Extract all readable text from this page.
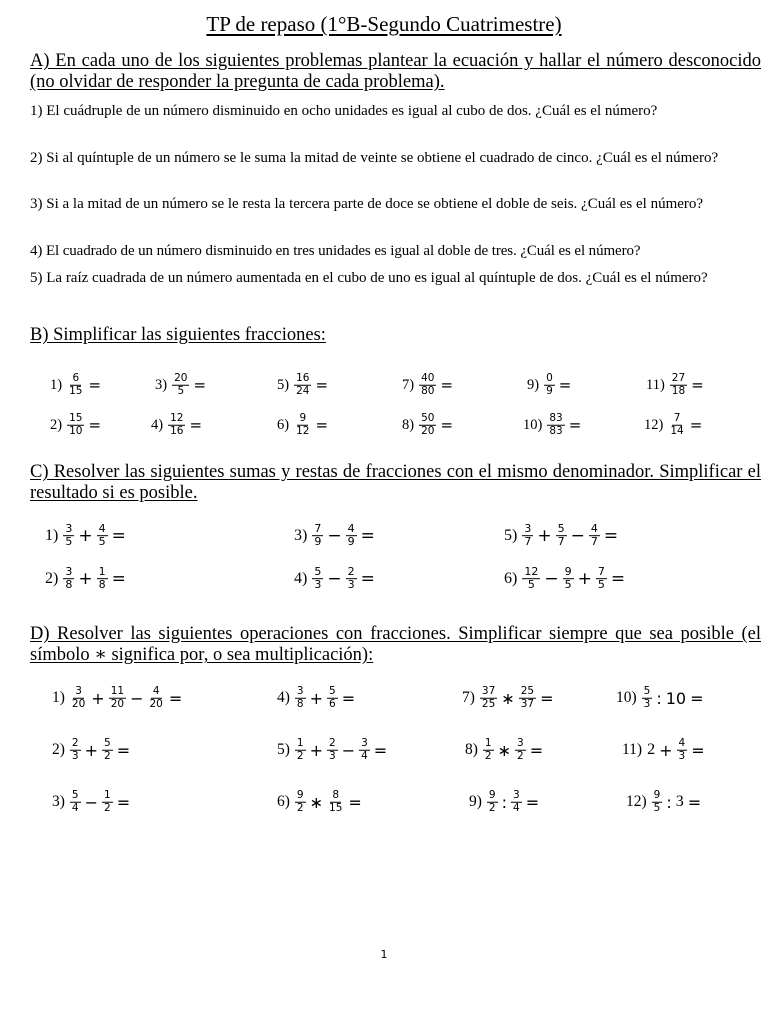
TP de repaso (1°B-Segundo Cuatrimestre)
A) En cada uno de los siguientes problemas plantear la ecuación y hallar el número desconocido (no olvidar de responder la pregunta de cada problema).
1) El cuádruple de un número disminuido en ocho unidades es igual al cubo de dos. ¿Cuál es el número?
2) Si al quíntuple de un número se le suma la mitad de veinte se obtiene el cuadrado de cinco. ¿Cuál es el número?
3) Si a la mitad de un número se le resta la tercera parte de doce se obtiene el doble de seis. ¿Cuál es el número?
4) El cuadrado de un número disminuido en tres unidades es igual al doble de tres. ¿Cuál es el número?
5) La raíz cuadrada de un número aumentada en el cubo de uno es igual al quíntuple de dos. ¿Cuál es el número?
B) Simplificar las siguientes fracciones:
$1) \frac{6}{15}$ =
$2) \frac{15}{10}$ =
$3) \frac{20}{5}$ =
$4) \frac{12}{16}$ =
$5) \frac{16}{24}$ =
$6) \frac{9}{12}$ =
$7) \frac{40}{80}$ =
$8) \frac{50}{20}$ =
$9) \frac{0}{9}$ =
$10) \frac{83}{83}$ =
$11) \frac{27}{18}$ =
$12) \frac{7}{14}$ =
C) Resolver las siguientes sumas y restas de fracciones con el mismo denominador. Simplificar el resultado si es posible.
$1) \frac{3}{5} + \frac{4}{5}$ =
$2) \frac{3}{8} + \frac{1}{8}$ =
$3) \frac{7}{9} - \frac{4}{9}$ =
$4) \frac{5}{3} - \frac{2}{3}$ =
$5) \frac{3}{7} + \frac{5}{7} - \frac{4}{7}$ =
$6) \frac{12}{5} - \frac{9}{5} + \frac{7}{5}$ =
D) Resolver las siguientes operaciones con fracciones. Simplificar siempre que sea posible (el símbolo ∗ significa por, o sea multiplicación):
$1) \frac{3}{20} + \frac{11}{20} - \frac{4}{20}$ =
$2) \frac{2}{3} + \frac{5}{2}$ =
$3) \frac{5}{4} - \frac{1}{2}$ =
$4) \frac{3}{8} + \frac{5}{6}$ =
$5) \frac{1}{2} + \frac{2}{3} - \frac{3}{4}$ =
$6) \frac{9}{2}$ ∗ $\frac{8}{15}$ =
$7) \frac{37}{25}$ ∗ $\frac{25}{37}$ =
$8) \frac{1}{2}$ ∗ $\frac{3}{2}$ =
$9) \frac{9}{2}$ : $\frac{3}{4}$ =
$10) \frac{5}{3}$ : 10 =
11) $2 + \frac{4}{3}$ =
$12) \frac{9}{5}$ : 3 =
1
